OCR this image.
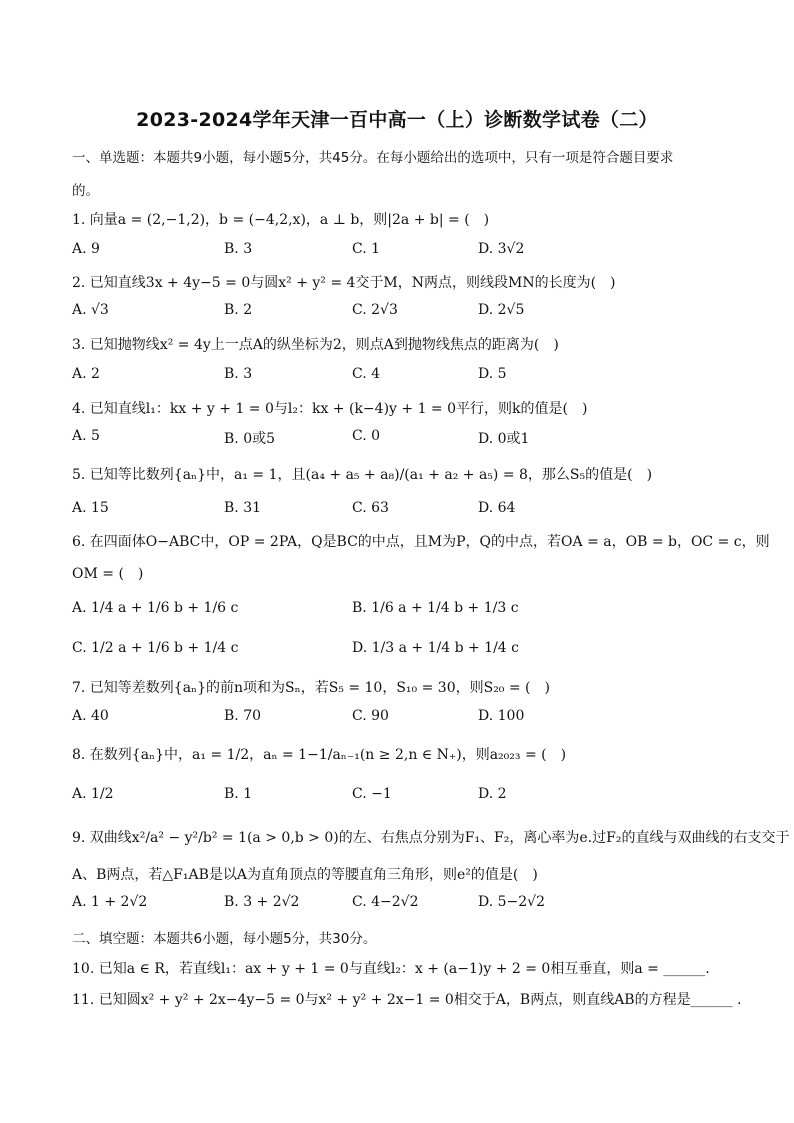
2023-2024学年天津一百中高一（上）诊断数学试卷（二）
一、单选题：本题共9小题，每小题5分，共45分。在每小题给出的选项中，只有一项是符合题目要求
的。
1. 向量a = (2,−1,2)，b = (−4,2,x)，a ⊥ b，则|2a + b| = (　)
A. 9	B. 3	C. 1	D. 3√2
2. 已知直线3x + 4y−5 = 0与圆x² + y² = 4交于M，N两点，则线段MN的长度为(　)
A. √3	B. 2	C. 2√3	D. 2√5
3. 已知抛物线x² = 4y上一点A的纵坐标为2，则点A到抛物线焦点的距离为(　)
A. 2	B. 3	C. 4	D. 5
4. 已知直线l₁：kx + y + 1 = 0与l₂：kx + (k−4)y + 1 = 0平行，则k的值是(　)
A. 5	B. 0或5	C. 0	D. 0或1
5. 已知等比数列{aₙ}中，a₁ = 1，且(a₄ + a₅ + a₈)/(a₁ + a₂ + a₅) = 8，那么S₅的值是(　)
A. 15	B. 31	C. 63	D. 64
6. 在四面体O−ABC中，OP = 2PA，Q是BC的中点，且M为P，Q的中点，若OA = a，OB = b，OC = c，则
OM = (　)
A. 1/4 a + 1/6 b + 1/6 c	B. 1/6 a + 1/4 b + 1/3 c
C. 1/2 a + 1/6 b + 1/4 c	D. 1/3 a + 1/4 b + 1/4 c
7. 已知等差数列{aₙ}的前n项和为Sₙ，若S₅ = 10，S₁₀ = 30，则S₂₀ = (　)
A. 40	B. 70	C. 90	D. 100
8. 在数列{aₙ}中，a₁ = 1/2，aₙ = 1−1/aₙ₋₁(n ≥ 2,n ∈ N₊)，则a₂₀₂₃ = (　)
A. 1/2	B. 1	C. −1	D. 2
9. 双曲线x²/a² − y²/b² = 1(a > 0,b > 0)的左、右焦点分别为F₁、F₂，离心率为e.过F₂的直线与双曲线的右支交于
A、B两点，若△F₁AB是以A为直角顶点的等腰直角三角形，则e²的值是(　)
A. 1 + 2√2	B. 3 + 2√2	C. 4−2√2	D. 5−2√2
二、填空题：本题共6小题，每小题5分，共30分。
10. 已知a ∈ R，若直线l₁：ax + y + 1 = 0与直线l₂：x + (a−1)y + 2 = 0相互垂直，则a = ______.
11. 已知圆x² + y² + 2x−4y−5 = 0与x² + y² + 2x−1 = 0相交于A，B两点，则直线AB的方程是______ .
